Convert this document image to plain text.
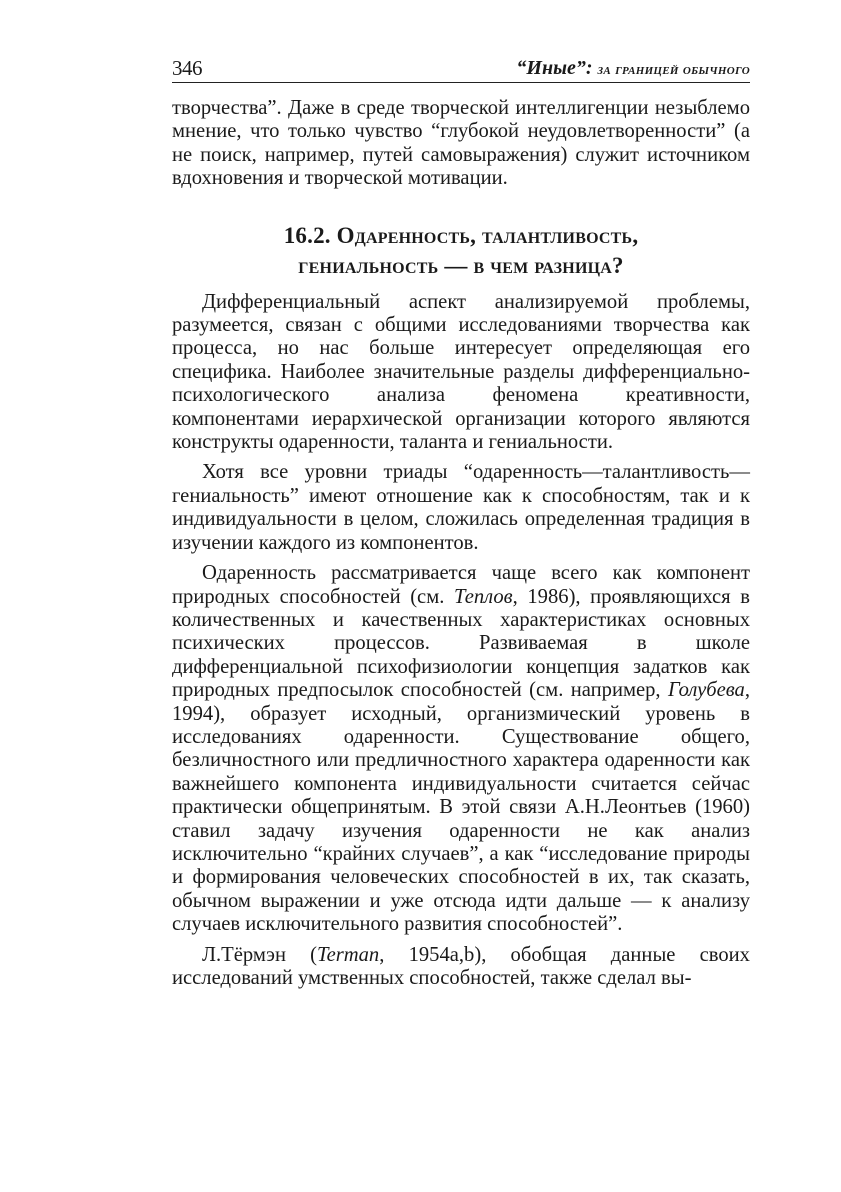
346	“Иные”: за границей обычного

творчества”. Даже в среде творческой интеллигенции незыблемо мнение, что только чувство “глубокой неудовлетворенности” (а не поиск, например, путей самовыражения) служит источником вдохновения и творческой мотивации.

16.2. Одаренность, талантливость,
гениальность — в чем разница?

Дифференциальный аспект анализируемой проблемы, разумеется, связан с общими исследованиями творчества как процесса, но нас больше интересует определяющая его специфика. Наиболее значительные разделы дифференциально-психологического анализа феномена креативности, компонентами иерархической организации которого являются конструкты одаренности, таланта и гениальности.

Хотя все уровни триады “одаренность—талантливость—гениальность” имеют отношение как к способностям, так и к индивидуальности в целом, сложилась определенная традиция в изучении каждого из компонентов.

Одаренность рассматривается чаще всего как компонент природных способностей (см. Теплов, 1986), проявляющихся в количественных и качественных характеристиках основных психических процессов. Развиваемая в школе дифференциальной психофизиологии концепция задатков как природных предпосылок способностей (см. например, Голубева, 1994), образует исходный, организмический уровень в исследованиях одаренности. Существование общего, безличностного или предличностного характера одаренности как важнейшего компонента индивидуальности считается сейчас практически общепринятым. В этой связи А.Н.Леонтьев (1960) ставил задачу изучения одаренности не как анализ исключительно “крайних случаев”, а как “исследование природы и формирования человеческих способностей в их, так сказать, обычном выражении и уже отсюда идти дальше — к анализу случаев исключительного развития способностей”.

Л.Тёрмэн (Terman, 1954a,b), обобщая данные своих исследований умственных способностей, также сделал вы-
